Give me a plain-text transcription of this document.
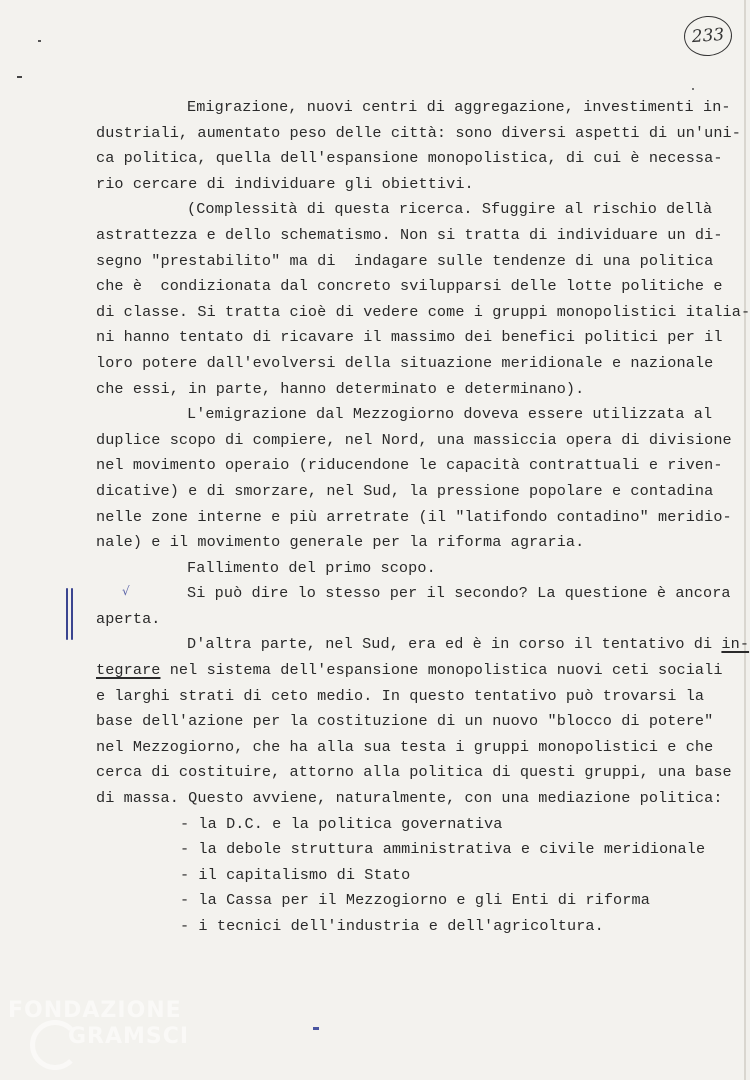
233
√
Emigrazione, nuovi centri di aggregazione, investimenti in-
dustriali, aumentato peso delle città: sono diversi aspetti di un'uni-
ca politica, quella dell'espansione monopolistica, di cui è necessa-
rio cercare di individuare gli obiettivi.
(Complessità di questa ricerca. Sfuggire al rischio dellà
astrattezza e dello schematismo. Non si tratta di individuare un di-
segno "prestabilito" ma di  indagare sulle tendenze di una politica
che è  condizionata dal concreto svilupparsi delle lotte politiche e
di classe. Si tratta cioè di vedere come i gruppi monopolistici italia-
ni hanno tentato di ricavare il massimo dei benefici politici per il
loro potere dall'evolversi della situazione meridionale e nazionale
che essi, in parte, hanno determinato e determinano).
L'emigrazione dal Mezzogiorno doveva essere utilizzata al
duplice scopo di compiere, nel Nord, una massiccia opera di divisione
nel movimento operaio (riducendone le capacità contrattuali e riven-
dicative) e di smorzare, nel Sud, la pressione popolare e contadina
nelle zone interne e più arretrate (il "latifondo contadino" meridio-
nale) e il movimento generale per la riforma agraria.
Fallimento del primo scopo.
Si può dire lo stesso per il secondo? La questione è ancora
aperta.
D'altra parte, nel Sud, era ed è in corso il tentativo di in-
tegrare nel sistema dell'espansione monopolistica nuovi ceti sociali
e larghi strati di ceto medio. In questo tentativo può trovarsi la
base dell'azione per la costituzione di un nuovo "blocco di potere"
nel Mezzogiorno, che ha alla sua testa i gruppi monopolistici e che
cerca di costituire, attorno alla politica di questi gruppi, una base
di massa. Questo avviene, naturalmente, con una mediazione politica:
- la D.C. e la politica governativa
- la debole struttura amministrativa e civile meridionale
- il capitalismo di Stato
- la Cassa per il Mezzogiorno e gli Enti di riforma
- i tecnici dell'industria e dell'agricoltura.
FONDAZIONE
GRAMSCI
